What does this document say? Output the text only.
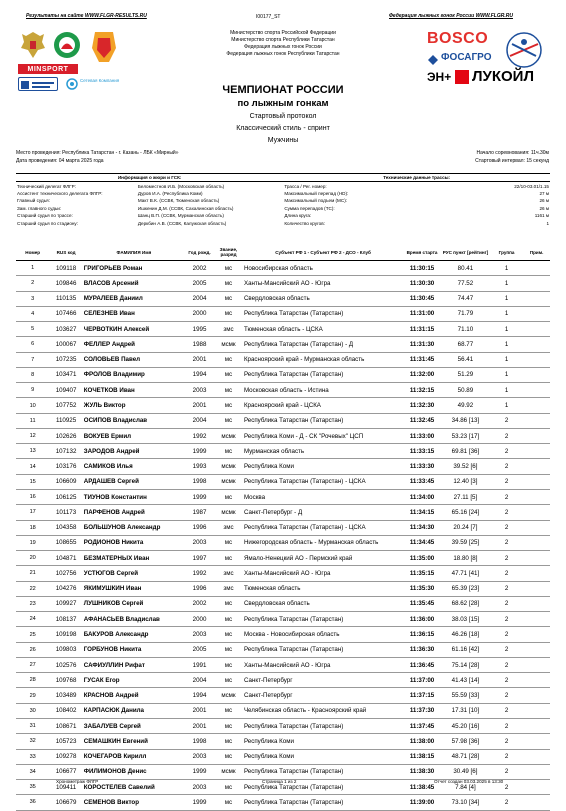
Результаты на сайте WWW.FLGR-RESULTS.RU	I00177_ST	Федерация лыжных гонок России WWW.FLGR.RU
MINSPORT
Сетевая Компания
Министерство спорта Российской Федерации
Министерство спорта Республики Татарстан
Федерация лыжных гонок России
Федерация лыжных гонок Республики Татарстан
BOSCO
ФОСАГРО
ЭН+ ЛУКОЙЛ
ЧЕМПИОНАТ РОССИИ
по лыжным гонкам
Стартовый протокол
Классический стиль - спринт
Мужчины
Место проведения: Республика Татарстан - г. Казань - ЛБК «Мирный»
Дата проведения: 04 марта 2025 года
Начало соревнования: 11ч.30м
Стартовый интервал: 15 секунд
Информация о жюри и ГСК:		Технические данные трассы:	
Технический делегат ФЛГР:	Беломестнов И.Б. (Московская область)	Трасса / Рег. номер:	22/10-03.01/1.15
Ассистент технического делегата ФЛГР:	Дуров И.А. (Республика Коми)	Максимальный перепад (HD):	27 м
Главный судья:	Макт В.К. (ССВК, Тюменская область)	Максимальный подъем (MC):	26 м
Зам. главного судьи:	Ишкенин Д.М. (ССВК, Сахалинская область)	Сумма перепадов (TC):	26 м
Старший судья по трассе:	Шанц В.П. (ССВК, Мурманская область)	Длина круга:	1161 м
Старший судья по стадиону:	Деркбин А.В. (ССВК, Калужская область)	Количество кругов:	1
Номер	RUS код	ФАМИЛИЯ Имя	Год рожд.	Звание, разряд	Субъект РФ 1 - Субъект РФ 2 - ДСО - Клуб	Время старта	РУС пункт [рейтинг]	Группа	Прим.
1	109118	ГРИГОРЬЕВ Роман	2002	мс	Новосибирская область	11:30:15	80.41	1	
2	109846	ВЛАСОВ Арсений	2005	мс	Ханты-Мансийский АО - Югра	11:30:30	77.52	1	
3	110135	МУРАЛЕЕВ Даниил	2004	мс	Свердловская область	11:30:45	74.47	1	
4	107466	СЕЛЕЗНЕВ Иван	2000	мс	Республика Татарстан (Татарстан)	11:31:00	71.79	1	
5	103627	ЧЕРВОТКИН Алексей	1995	змс	Тюменская область - ЦСКА	11:31:15	71.10	1	
6	100067	ФЕЛЛЕР Андрей	1988	мсмк	Республика Татарстан (Татарстан) - Д	11:31:30	68.77	1	
7	107235	СОЛОВЬЕВ Павел	2001	мс	Красноярский край - Мурманская область	11:31:45	56.41	1	
8	103471	ФРОЛОВ Владимир	1994	мс	Республика Татарстан (Татарстан)	11:32:00	51.29	1	
9	109407	КОЧЕТКОВ Иван	2003	мс	Московская область - Истина	11:32:15	50.89	1	
10	107752	ЖУЛЬ Виктор	2001	мс	Красноярский край - ЦСКА	11:32:30	49.92	1	
11	110925	ОСИПОВ Владислав	2004	мс	Республика Татарстан (Татарстан)	11:32:45	34.86 [13]	2	
12	102626	ВОКУЕВ Ермил	1992	мсмк	Республика Коми - Д - СК "Рочевых" ЦСП	11:33:00	53.23 [17]	2	
13	107132	ЗАРОДОВ Андрей	1999	мс	Мурманская область	11:33:15	69.81 [36]	2	
14	103176	САМИКОВ Илья	1993	мсмк	Республика Коми	11:33:30	39.52 [6]	2	
15	106609	АРДАШЕВ Сергей	1998	мсмк	Республика Татарстан (Татарстан) - ЦСКА	11:33:45	12.40 [3]	2	
16	106125	ТИУНОВ Константин	1999	мс	Москва	11:34:00	27.11 [5]	2	
17	101173	ПАРФЕНОВ Андрей	1987	мсмк	Санкт-Петербург - Д	11:34:15	65.16 [24]	2	
18	104358	БОЛЬШУНОВ Александр	1996	змс	Республика Татарстан (Татарстан) - ЦСКА	11:34:30	20.24 [7]	2	
19	108655	РОДИОНОВ Никита	2003	мс	Нижегородская область - Мурманская область	11:34:45	39.59 [25]	2	
20	104871	БЕЗМАТЕРНЫХ Иван	1997	мс	Ямало-Ненецкий АО - Пермский край	11:35:00	18.80 [8]	2	
21	102756	УСТЮГОВ Сергей	1992	змс	Ханты-Мансийский АО - Югра	11:35:15	47.71 [41]	2	
22	104276	ЯКИМУШКИН Иван	1996	змс	Тюменская область	11:35:30	65.39 [23]	2	
23	109927	ЛУШНИКОВ Сергей	2002	мс	Свердловская область	11:35:45	68.62 [28]	2	
24	108137	АФАНАСЬЕВ Владислав	2000	мс	Республика Татарстан (Татарстан)	11:36:00	38.03 [15]	2	
25	109198	БАКУРОВ Александр	2003	мс	Москва - Новосибирская область	11:36:15	46.26 [18]	2	
26	109803	ГОРБУНОВ Никита	2005	мс	Республика Татарстан (Татарстан)	11:36:30	61.16 [42]	2	
27	102576	САФИУЛЛИН Рифат	1991	мс	Ханты-Мансийский АО - Югра	11:36:45	75.14 [28]	2	
28	109768	ГУСАК Егор	2004	мс	Санкт-Петербург	11:37:00	41.43 [14]	2	
29	103489	КРАСНОВ Андрей	1994	мсмк	Санкт-Петербург	11:37:15	55.59 [33]	2	
30	108402	КАРПАСЮК Данила	2001	мс	Челябинская область - Красноярский край	11:37:30	17.31 [10]	2	
31	108671	ЗАБАЛУЕВ Сергей	2001	мс	Республика Татарстан (Татарстан)	11:37:45	45.20 [16]	2	
32	105723	СЕМАШКИН Евгений	1998	мс	Республика Коми	11:38:00	57.98 [36]	2	
33	109278	КОЧЕГАРОВ Кирилл	2003	мс	Республика Коми	11:38:15	48.71 [28]	2	
34	106677	ФИЛИМОНОВ Денис	1999	мсмк	Республика Татарстан (Татарстан)	11:38:30	30.49 [6]	2	
35	109411	КОРОСТЕЛЕВ Савелий	2003	мс	Республика Татарстан (Татарстан)	11:38:45	7.84 [4]	2	
36	106679	СЕМЕНОВ Виктор	1999	мс	Республика Татарстан (Татарстан)	11:39:00	73.10 [34]	2	
Хронометраж ФЛГР	Страница 1 из 2	Отчет создан 03.03.2025 в 13:30
